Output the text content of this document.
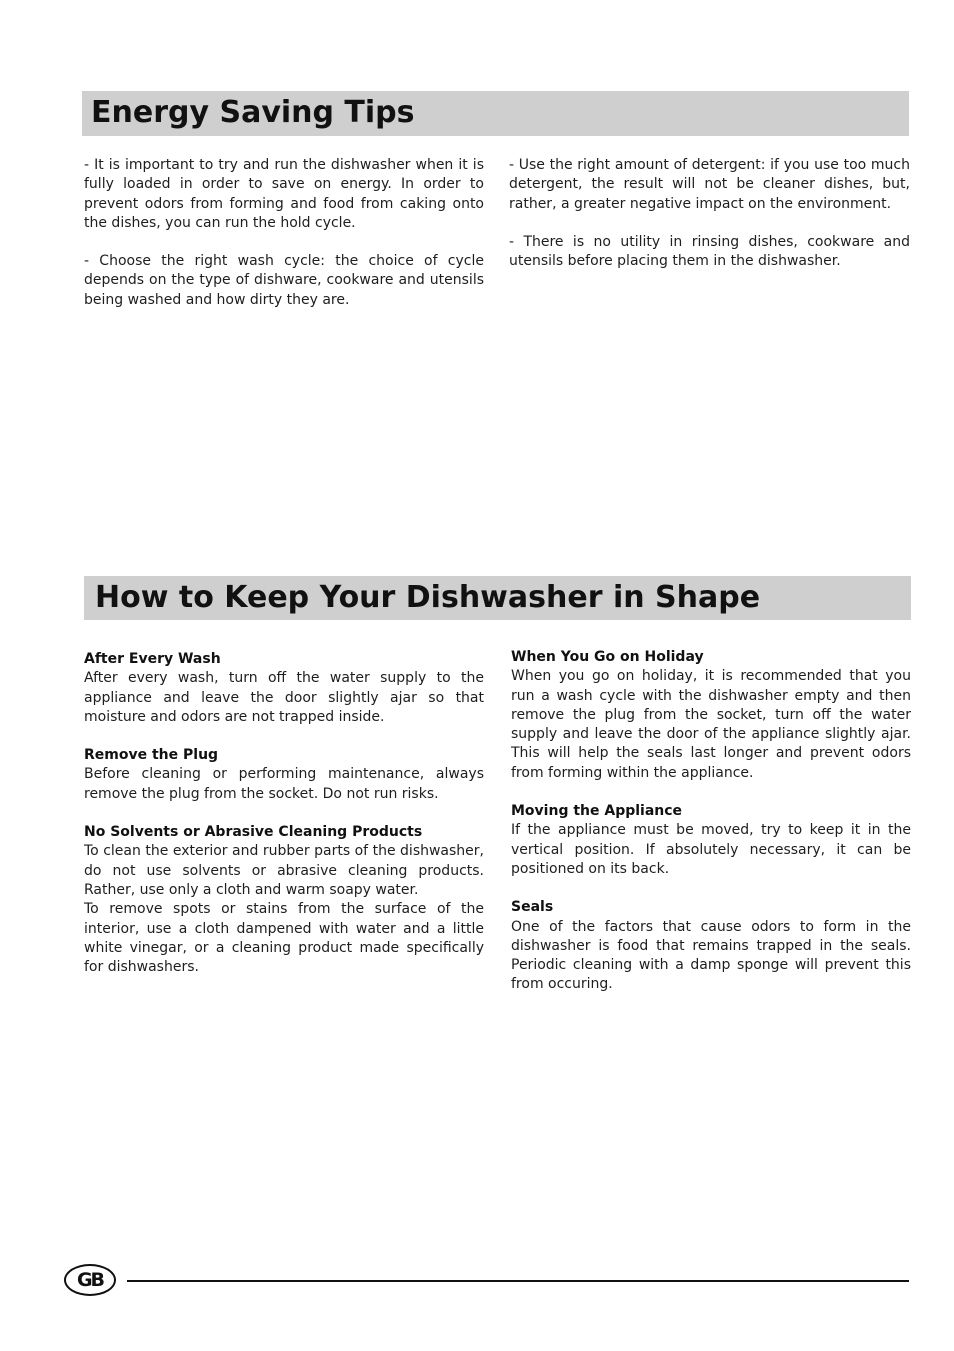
Energy Saving Tips

- It is important to try and run the dishwasher when it is fully loaded in order to save on energy. In order to prevent odors from forming and food from caking onto the dishes, you can run the hold cycle.

- Choose the right wash cycle: the choice of cycle depends on the type of dishware, cookware and utensils being washed and how dirty they are.

- Use the right amount of detergent: if you use too much detergent, the result will not be cleaner dishes, but, rather, a greater negative impact on the environment.

- There is no utility in rinsing dishes, cookware and utensils before placing them in the dishwasher.

How to Keep Your Dishwasher in Shape
After Every Wash
After every wash, turn off the water supply to the appliance and leave the door slightly ajar so that moisture and odors are not trapped inside.
Remove the Plug
Before cleaning or performing maintenance, always remove the plug from the socket. Do not run risks.
No Solvents or Abrasive Cleaning Products
To clean the exterior and rubber parts of the dishwasher, do not use solvents or abrasive cleaning products. Rather, use only a cloth and warm soapy water.
To remove spots or stains from the surface of the interior, use a cloth dampened with water and a little white vinegar, or a cleaning product made specifically for dishwashers.
When You Go on Holiday
When you go on holiday, it is recommended that you run a wash cycle with the dishwasher empty and then remove the plug from the socket, turn off the water supply and leave the door of the appliance slightly ajar. This will help the seals last longer and prevent odors from forming within the appliance.
Moving the Appliance
If the appliance must be moved, try to keep it in the vertical position. If absolutely necessary, it can be positioned on its back.
Seals
One of the factors that cause odors to form in the dishwasher is food that remains trapped in the seals. Periodic cleaning with a damp sponge will prevent this from occuring.
GB
